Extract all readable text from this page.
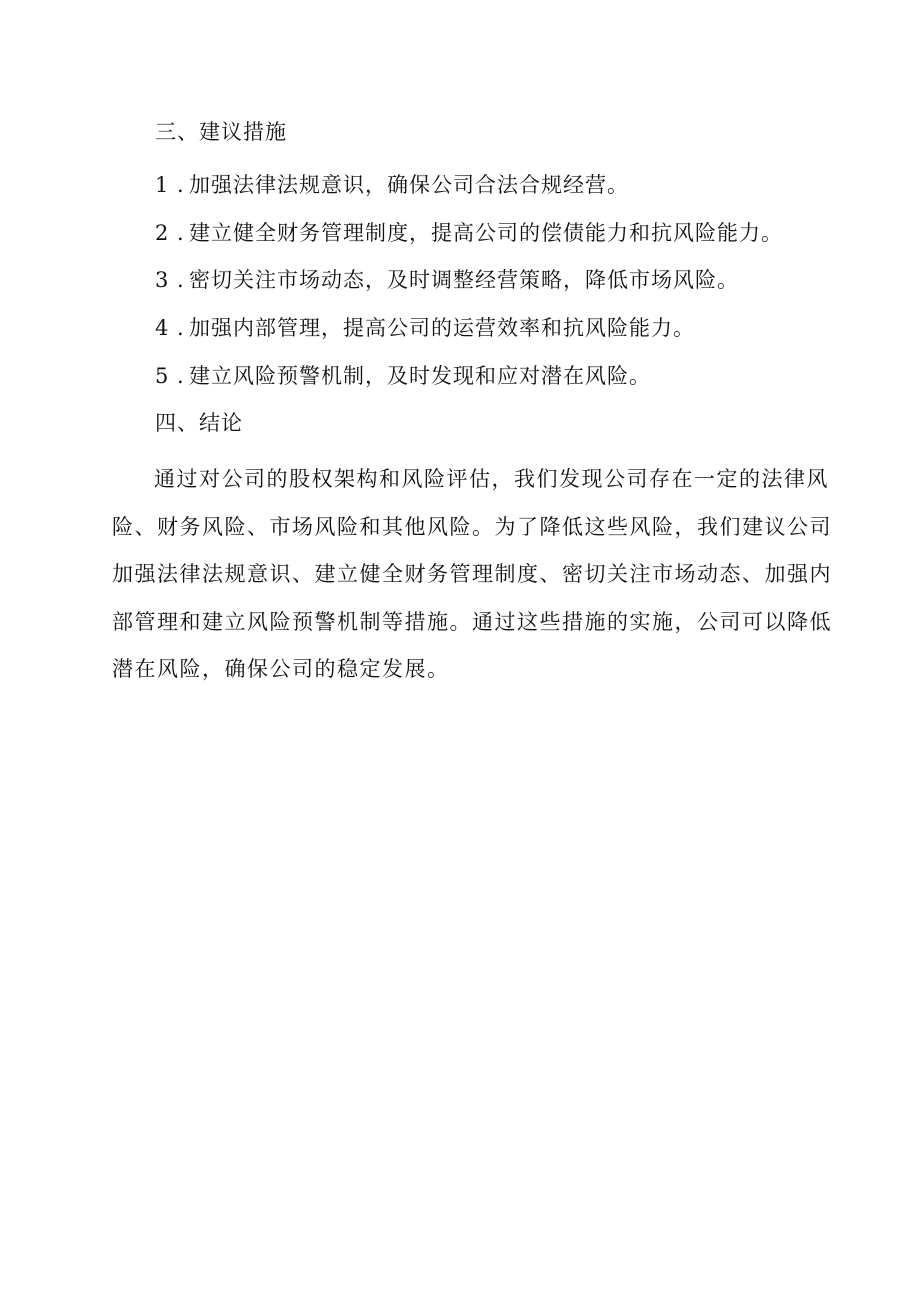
三、建议措施
1 . 加强法律法规意识，确保公司合法合规经营。
2 . 建立健全财务管理制度，提高公司的偿债能力和抗风险能力。
3 . 密切关注市场动态，及时调整经营策略，降低市场风险。
4 . 加强内部管理，提高公司的运营效率和抗风险能力。
5 . 建立风险预警机制，及时发现和应对潜在风险。
四、结论
通过对公司的股权架构和风险评估，我们发现公司存在一定的法律风
险、财务风险、市场风险和其他风险。为了降低这些风险，我们建议公司
加强法律法规意识、建立健全财务管理制度、密切关注市场动态、加强内
部管理和建立风险预警机制等措施。通过这些措施的实施，公司可以降低
潜在风险，确保公司的稳定发展。
